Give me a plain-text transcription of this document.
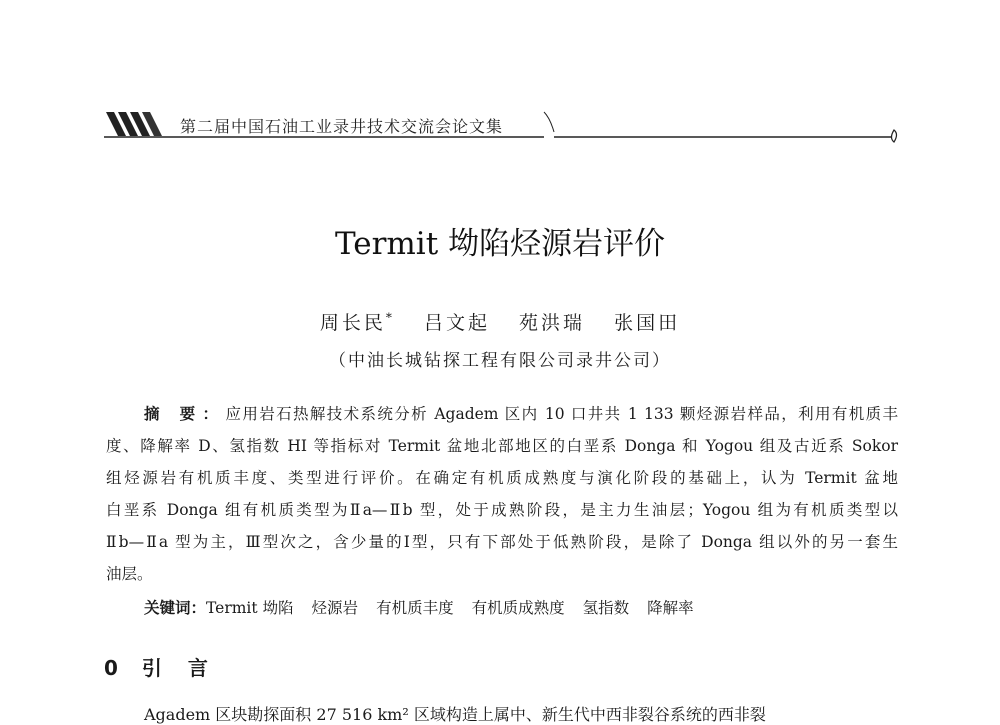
第二届中国石油工业录井技术交流会论文集
Termit 坳陷烃源岩评价
周长民* 吕文起 苑洪瑞 张国田
（中油长城钻探工程有限公司录井公司）
摘 要：应用岩石热解技术系统分析 Agadem 区内 10 口井共 1 133 颗烃源岩样品，利用有机质丰
度、降解率 D、氢指数 HI 等指标对 Termit 盆地北部地区的白垩系 Donga 和 Yogou 组及古近系 Sokor
组烃源岩有机质丰度、类型进行评价。在确定有机质成熟度与演化阶段的基础上，认为 Termit 盆地
白垩系 Donga 组有机质类型为Ⅱa—Ⅱb 型，处于成熟阶段，是主力生油层；Yogou 组为有机质类型以
Ⅱb—Ⅱa 型为主，Ⅲ型次之，含少量的Ⅰ型，只有下部处于低熟阶段，是除了 Donga 组以外的另一套生
油层。
关键词：Termit 坳陷 烃源岩 有机质丰度 有机质成熟度 氢指数 降解率
0 引言
Agadem 区块勘探面积 27 516 km² 区域构造上属中、新生代中西非裂谷系统的西非裂
